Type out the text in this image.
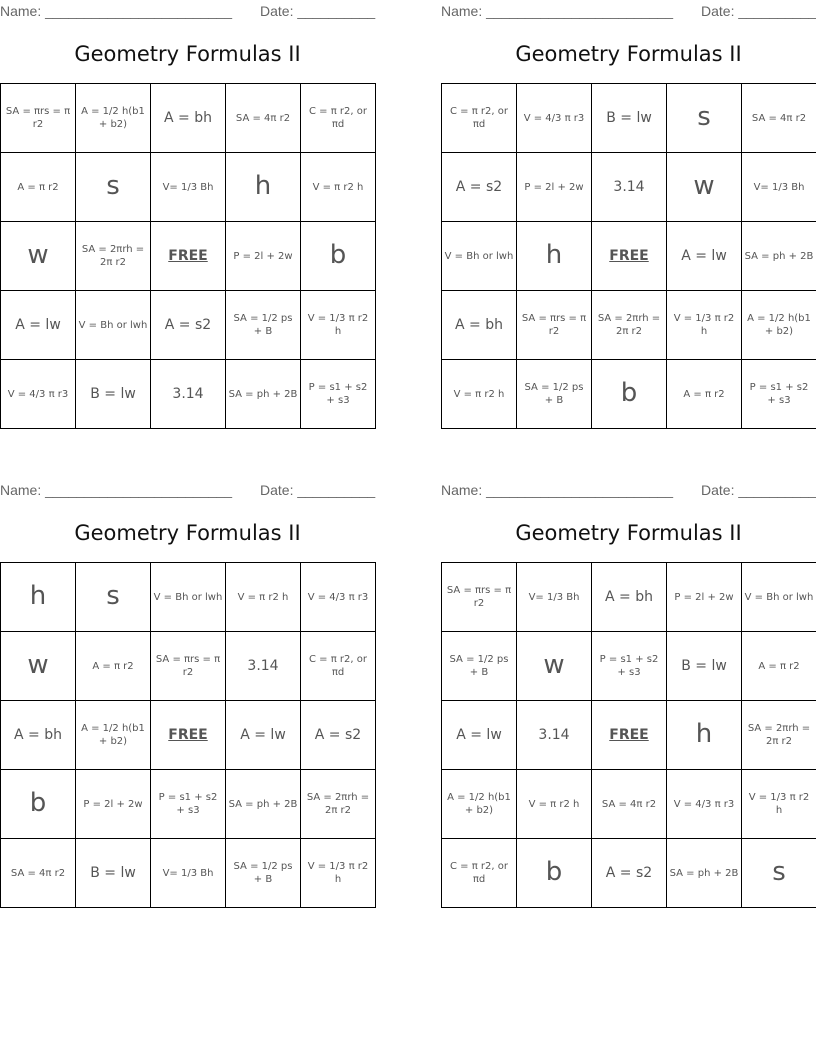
Name: ________________________ Date: __________
Geometry Formulas II
SA = πrs = π r2	A = 1/2 h(b1 + b2)	A = bh	SA = 4π r2	C = π r2, or πd
A = π r2	s	V= 1/3 Bh	h	V = π r2 h
w	SA = 2πrh = 2π r2	FREE	P = 2l + 2w	b
A = lw	V = Bh or lwh	A = s2	SA = 1/2 ps + B	V = 1/3 π r2 h
V = 4/3 π r3	B = lw	3.14	SA = ph + 2B	P = s1 + s2 + s3
Name: ________________________ Date: __________
Geometry Formulas II
C = π r2, or πd	V = 4/3 π r3	B = lw	s	SA = 4π r2
A = s2	P = 2l + 2w	3.14	w	V= 1/3 Bh
V = Bh or lwh	h	FREE	A = lw	SA = ph + 2B
A = bh	SA = πrs = π r2	SA = 2πrh = 2π r2	V = 1/3 π r2 h	A = 1/2 h(b1 + b2)
V = π r2 h	SA = 1/2 ps + B	b	A = π r2	P = s1 + s2 + s3
Name: ________________________ Date: __________
Geometry Formulas II
h	s	V = Bh or lwh	V = π r2 h	V = 4/3 π r3
w	A = π r2	SA = πrs = π r2	3.14	C = π r2, or πd
A = bh	A = 1/2 h(b1 + b2)	FREE	A = lw	A = s2
b	P = 2l + 2w	P = s1 + s2 + s3	SA = ph + 2B	SA = 2πrh = 2π r2
SA = 4π r2	B = lw	V= 1/3 Bh	SA = 1/2 ps + B	V = 1/3 π r2 h
Name: ________________________ Date: __________
Geometry Formulas II
SA = πrs = π r2	V= 1/3 Bh	A = bh	P = 2l + 2w	V = Bh or lwh
SA = 1/2 ps + B	w	P = s1 + s2 + s3	B = lw	A = π r2
A = lw	3.14	FREE	h	SA = 2πrh = 2π r2
A = 1/2 h(b1 + b2)	V = π r2 h	SA = 4π r2	V = 4/3 π r3	V = 1/3 π r2 h
C = π r2, or πd	b	A = s2	SA = ph + 2B	s
